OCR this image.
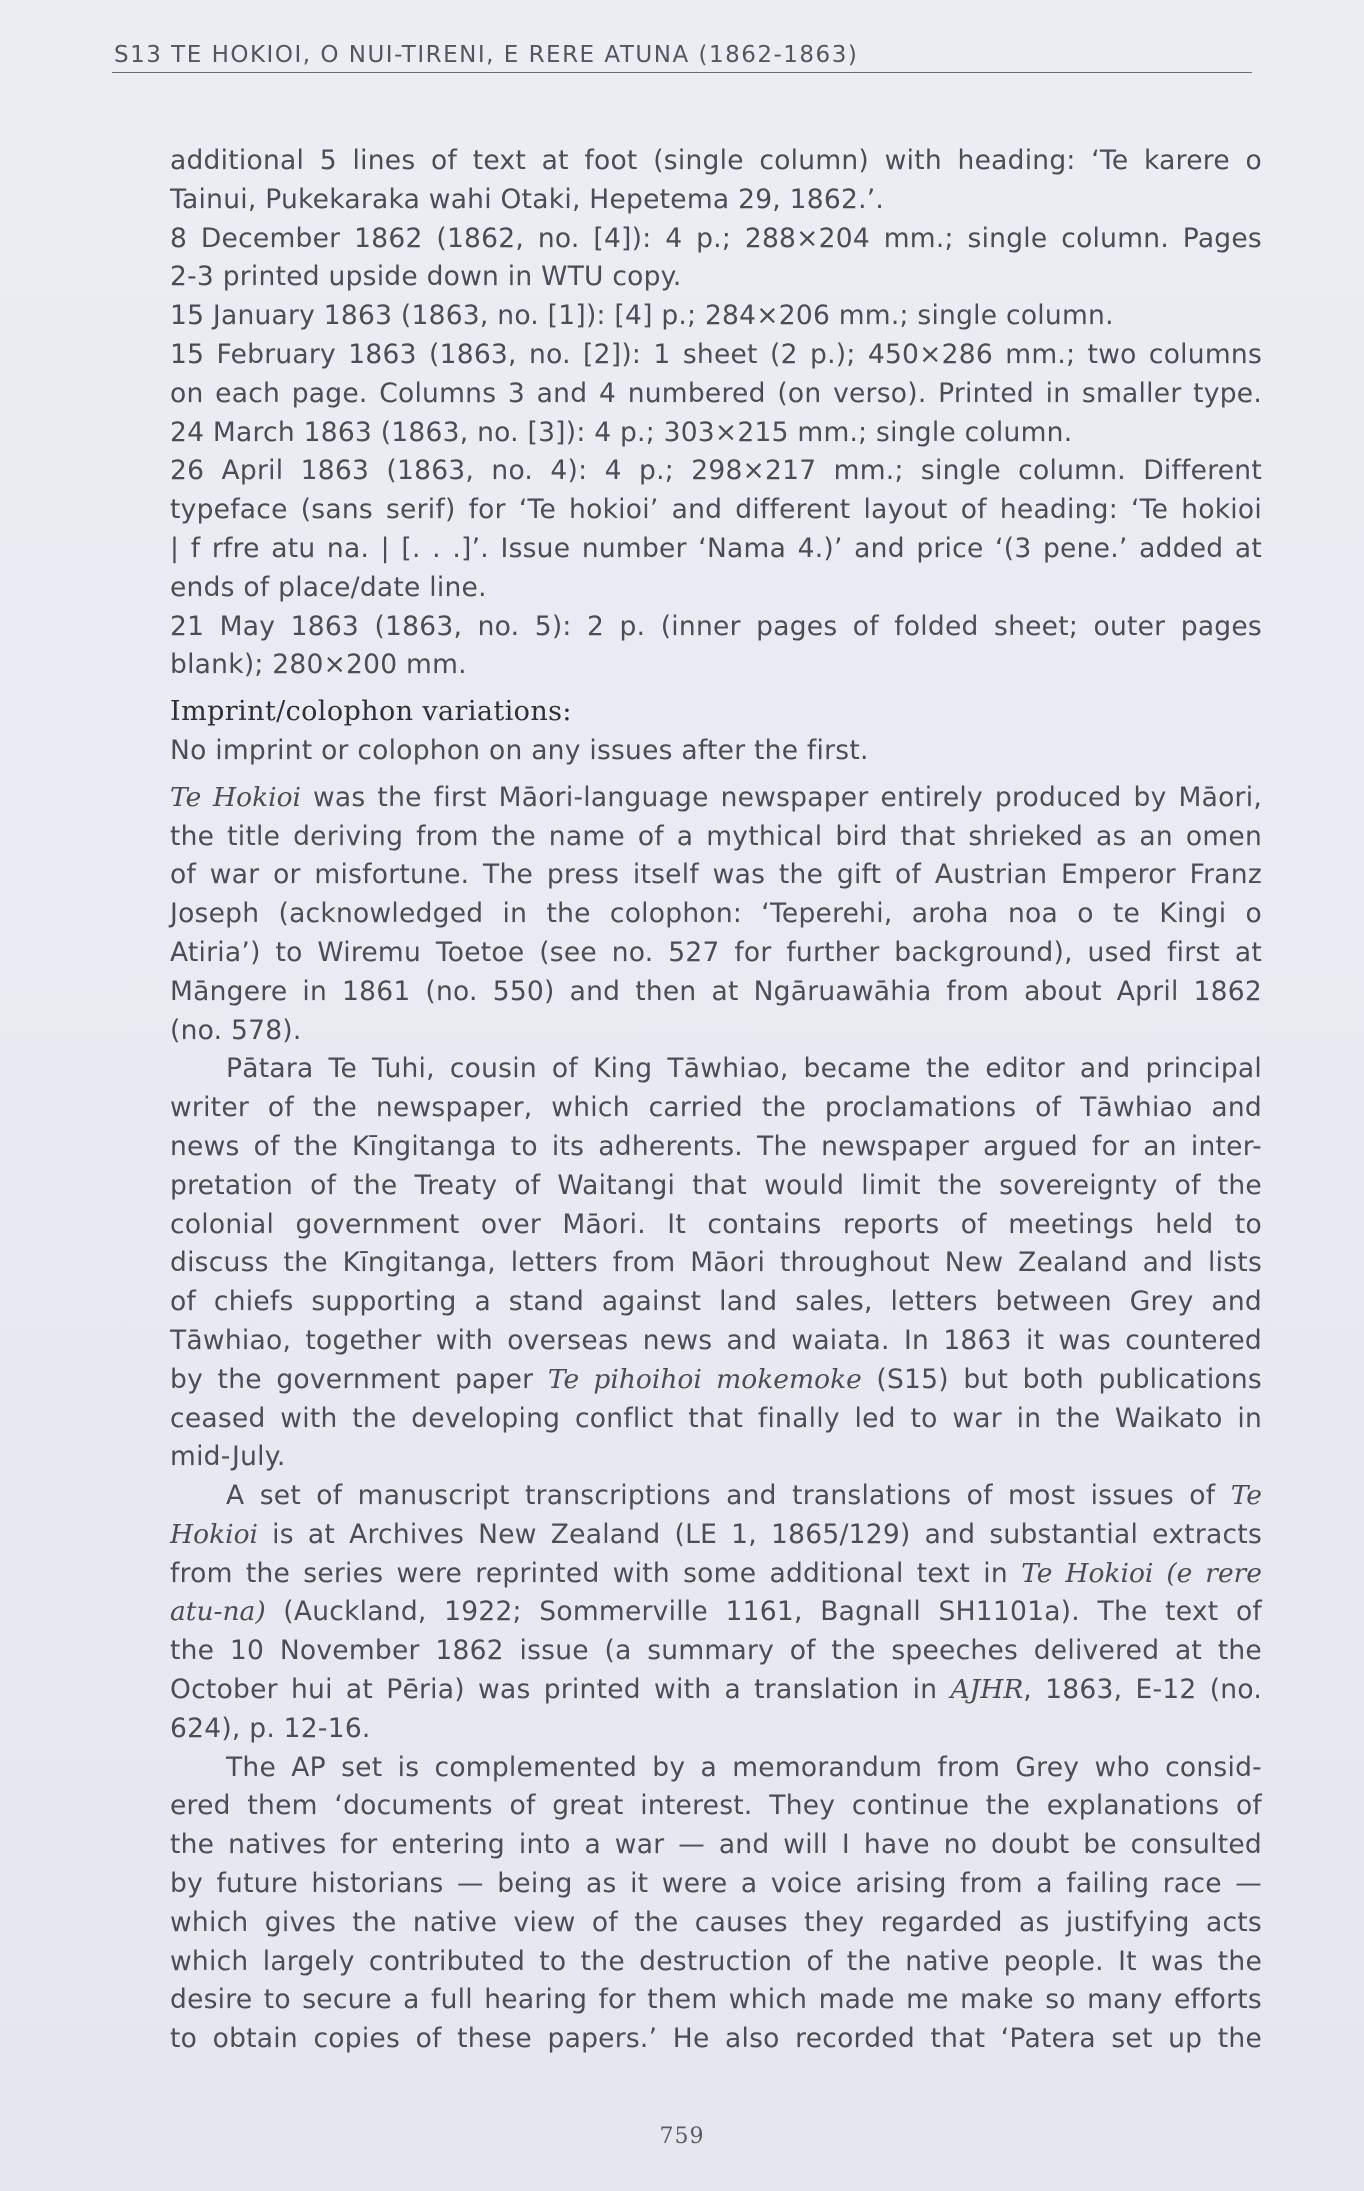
S13 TE HOKIOI, O NUI-TIRENI, E RERE ATUNA (1862-1863)
additional 5 lines of text at foot (single column) with heading: ‘Te karere o
Tainui, Pukekaraka wahi Otaki, Hepetema 29, 1862.’.
8 December 1862 (1862, no. [4]): 4 p.; 288×204 mm.; single column. Pages
2-3 printed upside down in WTU copy.
15 January 1863 (1863, no. [1]): [4] p.; 284×206 mm.; single column.
15 February 1863 (1863, no. [2]): 1 sheet (2 p.); 450×286 mm.; two columns
on each page. Columns 3 and 4 numbered (on verso). Printed in smaller type.
24 March 1863 (1863, no. [3]): 4 p.; 303×215 mm.; single column.
26 April 1863 (1863, no. 4): 4 p.; 298×217 mm.; single column. Different
typeface (sans serif) for ‘Te hokioi’ and different layout of heading: ‘Te hokioi
| f rfre atu na. | [. . .]’. Issue number ‘Nama 4.)’ and price ‘(3 pene.’ added at
ends of place/date line.
21 May 1863 (1863, no. 5): 2 p. (inner pages of folded sheet; outer pages
blank); 280×200 mm.
Imprint/colophon variations:
No imprint or colophon on any issues after the first.
Te Hokioi was the first Māori-language newspaper entirely produced by Māori,
the title deriving from the name of a mythical bird that shrieked as an omen
of war or misfortune. The press itself was the gift of Austrian Emperor Franz
Joseph (acknowledged in the colophon: ‘Teperehi, aroha noa o te Kingi o
Atiria’) to Wiremu Toetoe (see no. 527 for further background), used first at
Māngere in 1861 (no. 550) and then at Ngāruawāhia from about April 1862
(no. 578).
Pātara Te Tuhi, cousin of King Tāwhiao, became the editor and principal
writer of the newspaper, which carried the proclamations of Tāwhiao and
news of the Kīngitanga to its adherents. The newspaper argued for an inter-
pretation of the Treaty of Waitangi that would limit the sovereignty of the
colonial government over Māori. It contains reports of meetings held to
discuss the Kīngitanga, letters from Māori throughout New Zealand and lists
of chiefs supporting a stand against land sales, letters between Grey and
Tāwhiao, together with overseas news and waiata. In 1863 it was countered
by the government paper Te pihoihoi mokemoke (S15) but both publications
ceased with the developing conflict that finally led to war in the Waikato in
mid-July.
A set of manuscript transcriptions and translations of most issues of Te
Hokioi is at Archives New Zealand (LE 1, 1865/129) and substantial extracts
from the series were reprinted with some additional text in Te Hokioi (e rere
atu-na) (Auckland, 1922; Sommerville 1161, Bagnall SH1101a). The text of
the 10 November 1862 issue (a summary of the speeches delivered at the
October hui at Pēria) was printed with a translation in AJHR, 1863, E-12 (no.
624), p. 12-16.
The AP set is complemented by a memorandum from Grey who consid-
ered them ‘documents of great interest. They continue the explanations of
the natives for entering into a war — and will I have no doubt be consulted
by future historians — being as it were a voice arising from a failing race —
which gives the native view of the causes they regarded as justifying acts
which largely contributed to the destruction of the native people. It was the
desire to secure a full hearing for them which made me make so many efforts
to obtain copies of these papers.’ He also recorded that ‘Patera set up the
759
